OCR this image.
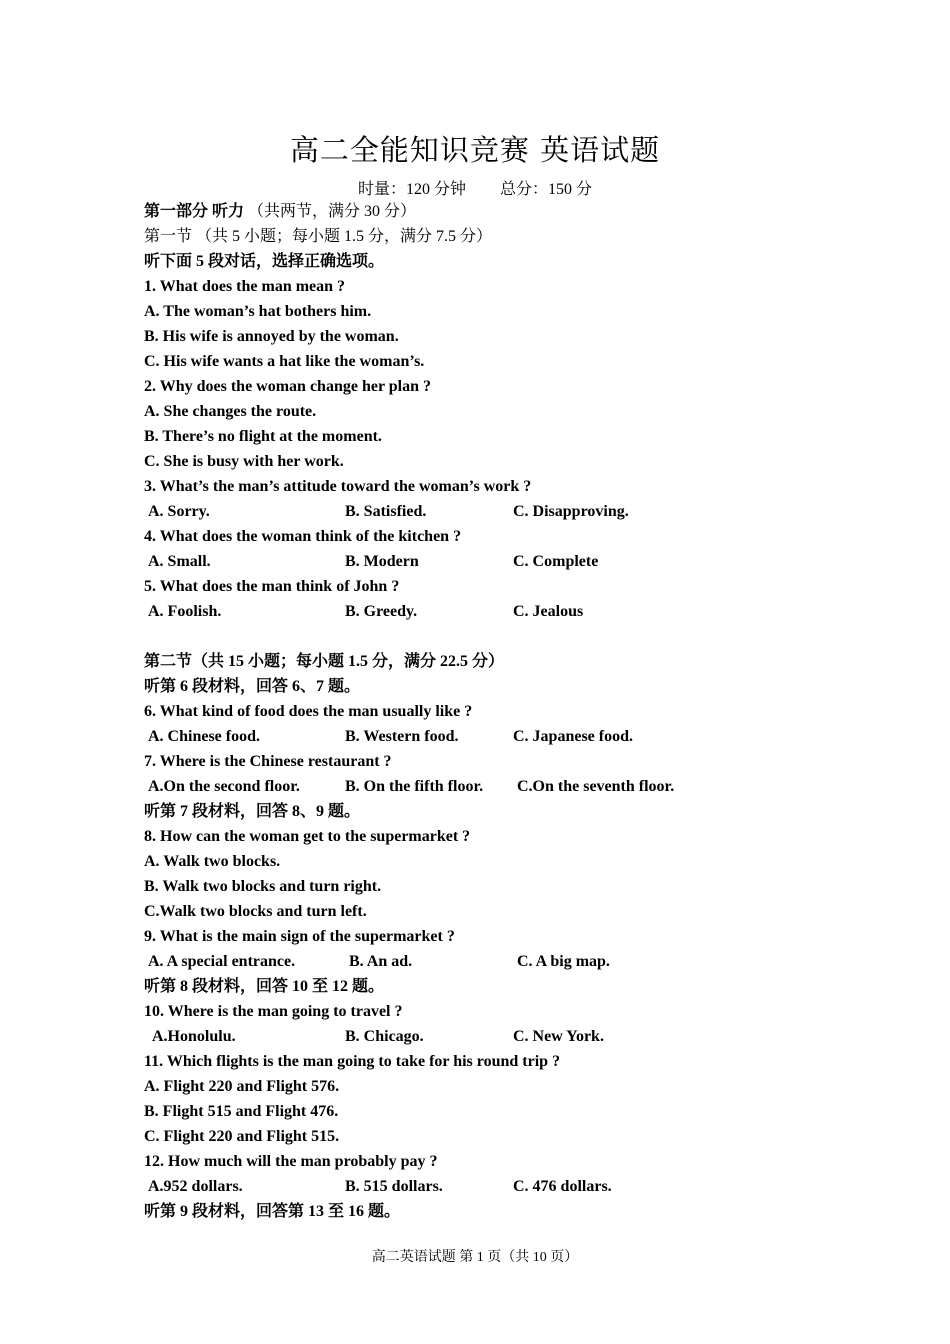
高二全能知识竞赛 英语试题
时量：120 分钟 总分：150 分
第一部分 听力 （共两节，满分 30 分）
第一节 （共 5 小题；每小题 1.5 分，满分 7.5 分）
听下面 5 段对话，选择正确选项。
1. What does the man mean ?
A. The woman’s hat bothers him.
B. His wife is annoyed by the woman.
C. His wife wants a hat like the woman’s.
2. Why does the woman change her plan ?
A. She changes the route.
B. There’s no flight at the moment.
C. She is busy with her work.
3. What’s the man’s attitude toward the woman’s work ?
A. Sorry.	B. Satisfied.	C. Disapproving.
4. What does the woman think of the kitchen ?
A. Small.	B. Modern	C. Complete
5. What does the man think of John ?
A. Foolish.	B. Greedy.	C. Jealous
第二节（共 15 小题；每小题 1.5 分，满分 22.5 分）
听第 6 段材料，回答 6、7 题。
6. What kind of food does the man usually like ?
A. Chinese food.	B. Western food.	C. Japanese food.
7. Where is the Chinese restaurant ?
A.On the second floor.	B. On the fifth floor. C.On the seventh floor.
听第 7 段材料，回答 8、9 题。
8. How can the woman get to the supermarket ?
A. Walk two blocks.
B. Walk two blocks and turn right.
C.Walk two blocks and turn left.
9. What is the main sign of the supermarket ?
A. A special entrance.	B. An ad.	C. A big map.
听第 8 段材料，回答 10 至 12 题。
10. Where is the man going to travel ?
A.Honolulu.	B. Chicago.	C. New York.
11. Which flights is the man going to take for his round trip ?
A. Flight 220 and Flight 576.
B. Flight 515 and Flight 476.
C. Flight 220 and Flight 515.
12. How much will the man probably pay ?
A.952 dollars.	B. 515 dollars.	C. 476 dollars.
听第 9 段材料，回答第 13 至 16 题。
高二英语试题 第 1 页（共 10 页）
